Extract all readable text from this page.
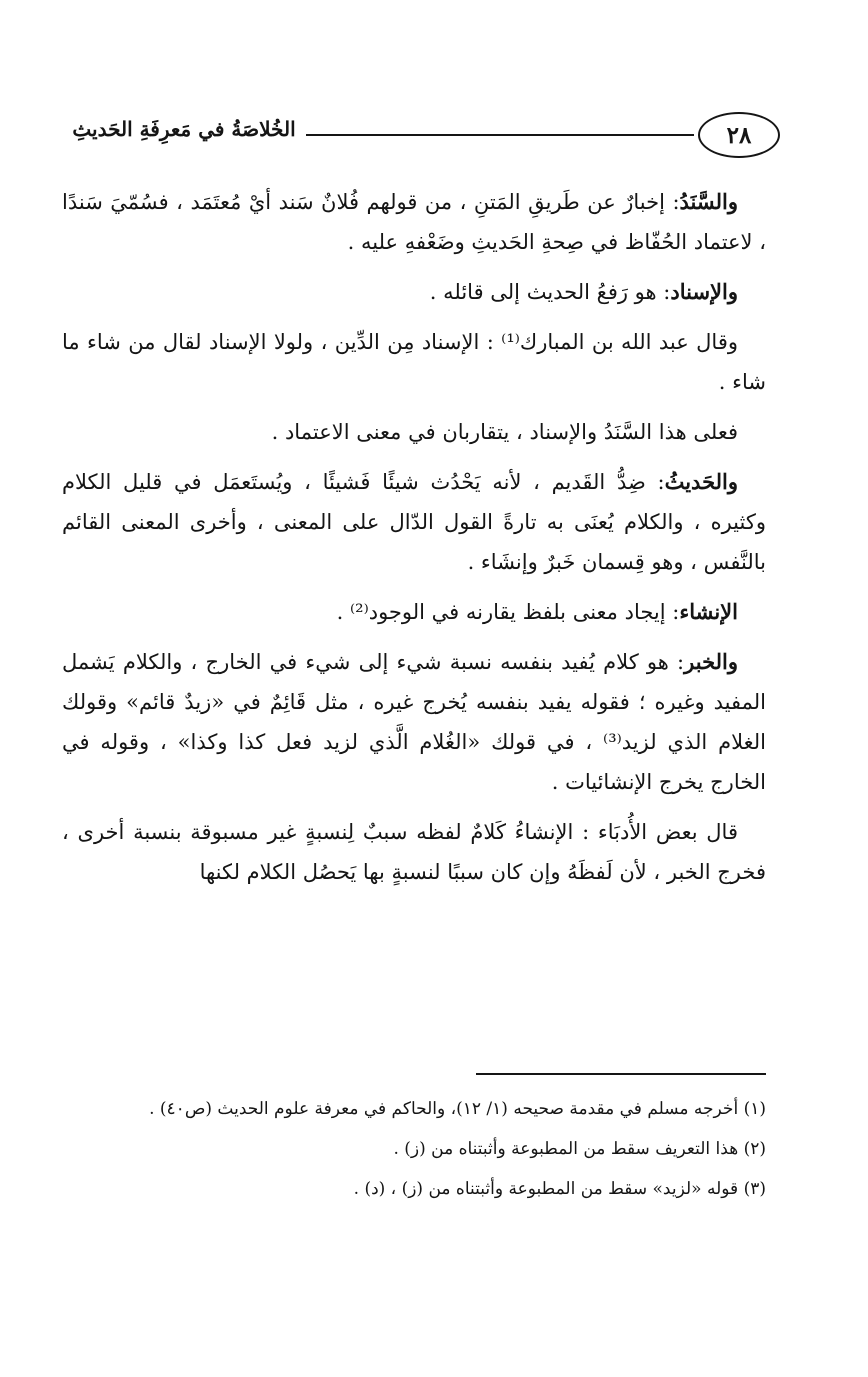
٢٨
الخُلاصَةُ في مَعرِفَةِ الحَديثِ

والسَّنَدُ: إخبارٌ عن طَريقِ المَتنِ ، من قولهم فُلانٌ سَند أيْ مُعتَمَد ، فسُمّيَ سَندًا ، لاعتماد الحُفّاظ في صِحةِ الحَديثِ وضَعْفهِ عليه .

والإسناد: هو رَفعُ الحديث إلى قائله .

وقال عبد الله بن المبارك⁽¹⁾ : الإسناد مِن الدِّين ، ولولا الإسناد لقال من شاء ما شاء .

فعلى هذا السَّنَدُ والإسناد ، يتقاربان في معنى الاعتماد .

والحَديثُ: ضِدُّ القَديم ، لأنه يَحْدُث شيئًا فَشيئًا ، ويُستَعمَل في قليل الكلام وكثيره ، والكلام يُعنَى به تارةً القول الدّال على المعنى ، وأخرى المعنى القائم بالنَّفس ، وهو قِسمان خَبرٌ وإنشَاء .

الإنشاء: إيجاد معنى بلفظ يقارنه في الوجود⁽²⁾ .

والخبر: هو كلام يُفيد بنفسه نسبة شيء إلى شيء في الخارج ، والكلام يَشمل المفيد وغيره ؛ فقوله يفيد بنفسه يُخرج غيره ، مثل قَائِمٌ في «زيدٌ قائم» وقولك الغلام الذي لزيد⁽³⁾ ، في قولك «الغُلام الَّذي لزيد فعل كذا وكذا» ، وقوله في الخارج يخرج الإنشائيات .

قال بعض الأُدبَاء : الإنشاءُ كَلامٌ لفظه سببٌ لِنسبةٍ غير مسبوقة بنسبة أخرى ، فخرج الخبر ، لأن لَفظَهُ وإن كان سببًا لنسبةٍ بها يَحصُل الكلام لكنها

(١) أخرجه مسلم في مقدمة صحيحه (١/ ١٢)، والحاكم في معرفة علوم الحديث (ص٤٠) .

(٢) هذا التعريف سقط من المطبوعة وأثبتناه من (ز) .

(٣) قوله «لزيد» سقط من المطبوعة وأثبتناه من (ز) ، (د) .
